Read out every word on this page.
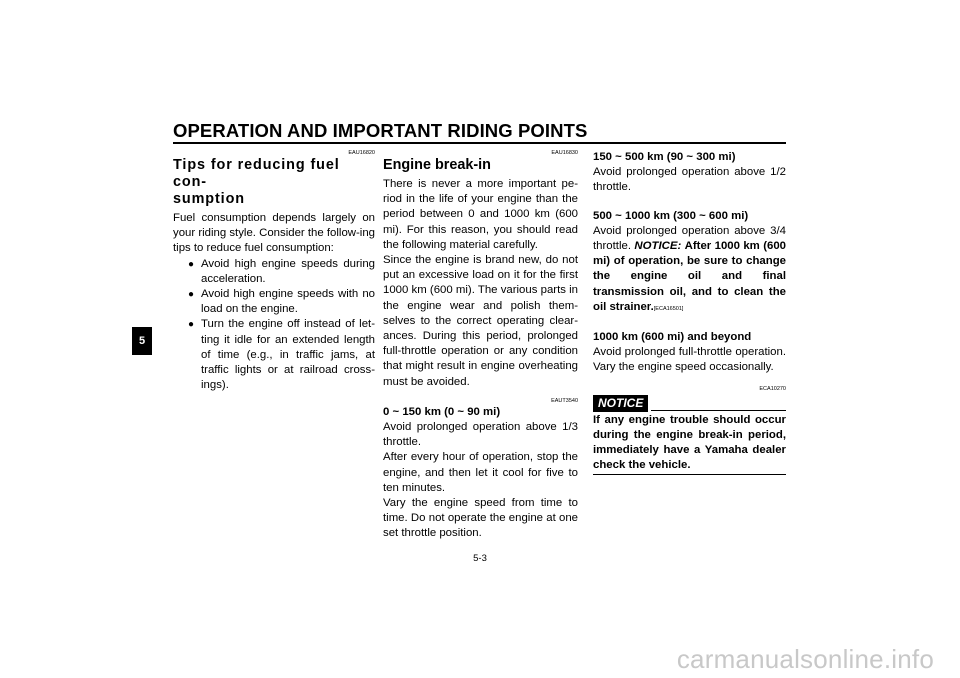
OPERATION AND IMPORTANT RIDING POINTS
5
EAU16820
Tips for reducing fuel con-
sumption
Fuel consumption depends largely on your riding style. Consider the follow-ing tips to reduce fuel consumption:
● Avoid high engine speeds during acceleration.
● Avoid high engine speeds with no load on the engine.
● Turn the engine off instead of let-ting it idle for an extended length of time (e.g., in traffic jams, at traffic lights or at railroad cross-ings).
EAU16830
Engine break-in
There is never a more important pe-riod in the life of your engine than the period between 0 and 1000 km (600 mi). For this reason, you should read the following material carefully.
Since the engine is brand new, do not put an excessive load on it for the first 1000 km (600 mi). The various parts in the engine wear and polish them-selves to the correct operating clear-ances. During this period, prolonged full-throttle operation or any condition that might result in engine overheating must be avoided.
EAUT3540
0 ~ 150 km (0 ~ 90 mi)
Avoid prolonged operation above 1/3 throttle.
After every hour of operation, stop the engine, and then let it cool for five to ten minutes.
Vary the engine speed from time to time. Do not operate the engine at one set throttle position.
150 ~ 500 km (90 ~ 300 mi)
Avoid prolonged operation above 1/2 throttle.
500 ~ 1000 km (300 ~ 600 mi)
Avoid prolonged operation above 3/4 throttle. NOTICE: After 1000 km (600 mi) of operation, be sure to change the engine oil and final transmission oil, and to clean the oil strainer.[ECA16501]
1000 km (600 mi) and beyond
Avoid prolonged full-throttle operation. Vary the engine speed occasionally.
ECA10270
NOTICE
If any engine trouble should occur during the engine break-in period, immediately have a Yamaha dealer check the vehicle.
5-3
carmanualsonline.info
